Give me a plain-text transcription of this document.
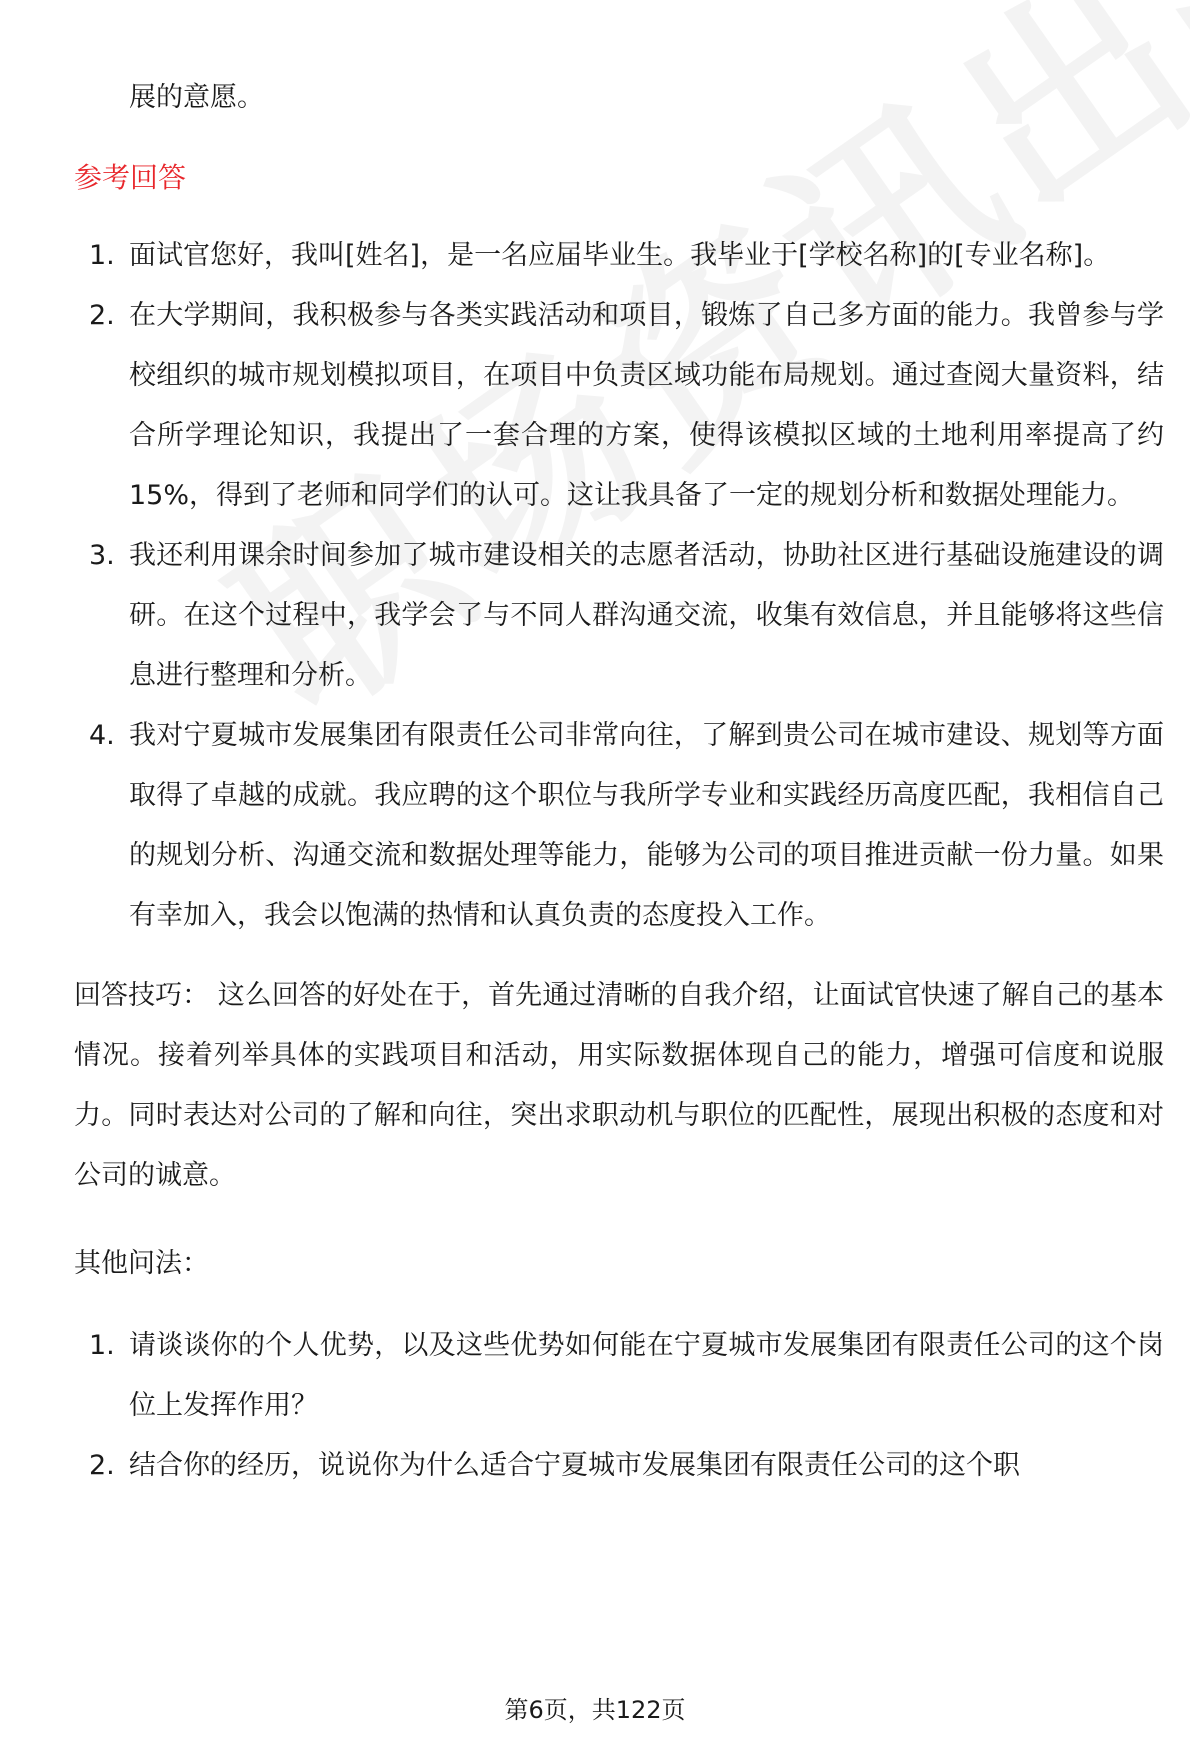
展的意愿。
参考回答
1. 面试官您好，我叫[姓名]，是一名应届毕业生。我毕业于[学校名称]的[专业名称]。
2. 在大学期间，我积极参与各类实践活动和项目，锻炼了自己多方面的能力。我曾参与学校组织的城市规划模拟项目，在项目中负责区域功能布局规划。通过查阅大量资料，结合所学理论知识，我提出了一套合理的方案，使得该模拟区域的土地利用率提高了约 15%，得到了老师和同学们的认可。这让我具备了一定的规划分析和数据处理能力。
3. 我还利用课余时间参加了城市建设相关的志愿者活动，协助社区进行基础设施建设的调研。在这个过程中，我学会了与不同人群沟通交流，收集有效信息，并且能够将这些信息进行整理和分析。
4. 我对宁夏城市发展集团有限责任公司非常向往，了解到贵公司在城市建设、规划等方面取得了卓越的成就。我应聘的这个职位与我所学专业和实践经历高度匹配，我相信自己的规划分析、沟通交流和数据处理等能力，能够为公司的项目推进贡献一份力量。如果有幸加入，我会以饱满的热情和认真负责的态度投入工作。
回答技巧： 这么回答的好处在于，首先通过清晰的自我介绍，让面试官快速了解自己的基本情况。接着列举具体的实践项目和活动，用实际数据体现自己的能力，增强可信度和说服力。同时表达对公司的了解和向往，突出求职动机与职位的匹配性，展现出积极的态度和对公司的诚意。
其他问法：
1. 请谈谈你的个人优势，以及这些优势如何能在宁夏城市发展集团有限责任公司的这个岗位上发挥作用？
2. 结合你的经历，说说你为什么适合宁夏城市发展集团有限责任公司的这个职
第6页，共122页
